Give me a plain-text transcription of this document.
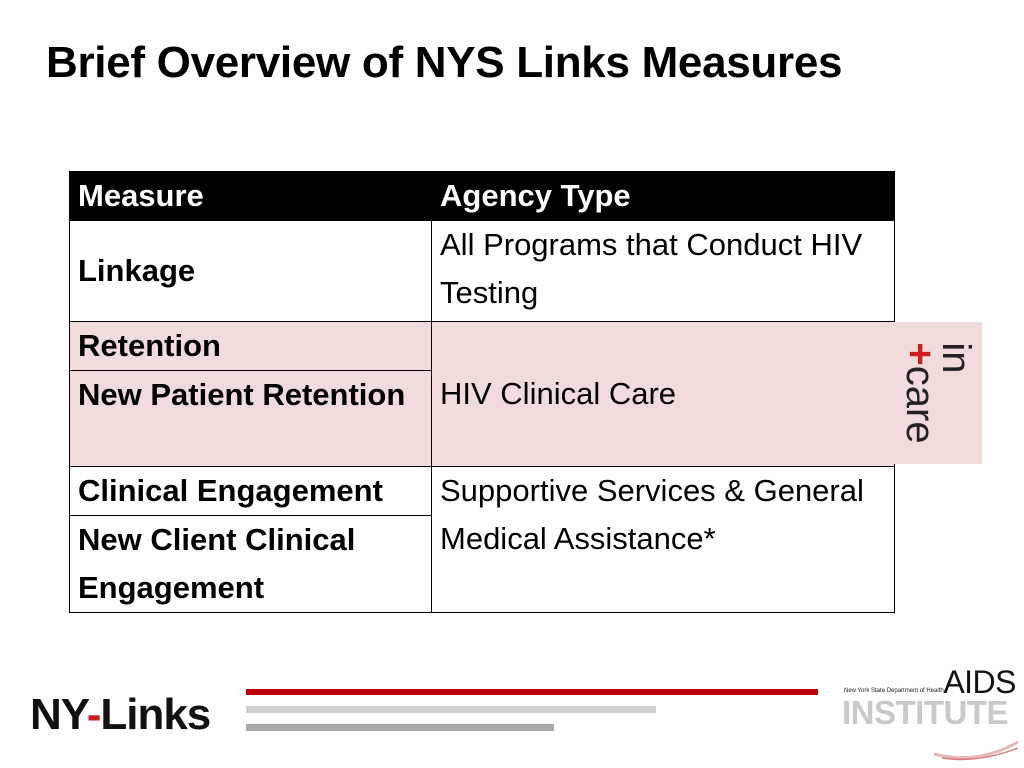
Brief Overview of NYS Links Measures
Measure	Agency Type
Linkage	All Programs that Conduct HIV Testing
Retention	HIV Clinical Care
New Patient Retention	
Clinical Engagement	Supportive Services & General Medical Assistance*
New Client Clinical Engagement	
in
+care
NY-Links
AIDS
New York State Department of Health
INSTITUTE
